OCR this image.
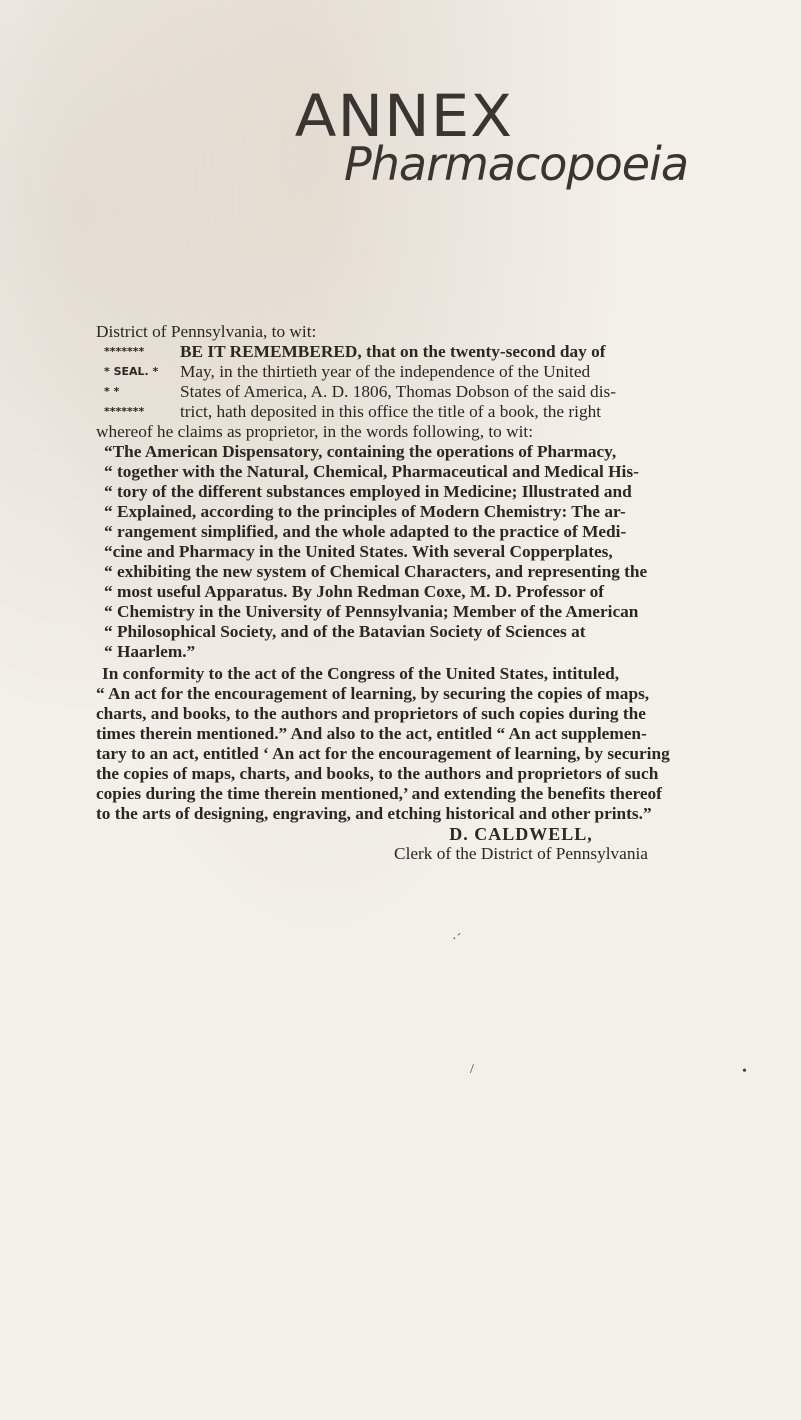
ANNEX
Pharmacopoeia
District of Pennsylvania, to wit:
*******
* SEAL. *
* *
*******
BE IT REMEMBERED, that on the twenty-second day of
May, in the thirtieth year of the independence of the United
States of America, A. D. 1806, Thomas Dobson of the said dis-
trict, hath deposited in this office the title of a book, the right
whereof he claims as proprietor, in the words following, to wit:
“The American Dispensatory, containing the operations of Pharmacy,
“ together with the Natural, Chemical, Pharmaceutical and Medical His-
“ tory of the different substances employed in Medicine; Illustrated and
“ Explained, according to the principles of Modern Chemistry: The ar-
“ rangement simplified, and the whole adapted to the practice of Medi-
“cine and Pharmacy in the United States. With several Copperplates,
“ exhibiting the new system of Chemical Characters, and representing the
“ most useful Apparatus. By John Redman Coxe, M. D. Professor of
“ Chemistry in the University of Pennsylvania; Member of the American
“ Philosophical Society, and of the Batavian Society of Sciences at
“ Haarlem.”
In conformity to the act of the Congress of the United States, intituled,
“ An act for the encouragement of learning, by securing the copies of maps,
charts, and books, to the authors and proprietors of such copies during the
times therein mentioned.” And also to the act, entitled “ An act supplemen-
tary to an act, entitled ‘ An act for the encouragement of learning, by securing
the copies of maps, charts, and books, to the authors and proprietors of such
copies during the time therein mentioned,’ and extending the benefits thereof
to the arts of designing, engraving, and etching historical and other prints.”
D. CALDWELL,
Clerk of the District of Pennsylvania
·ˊ
/	•
